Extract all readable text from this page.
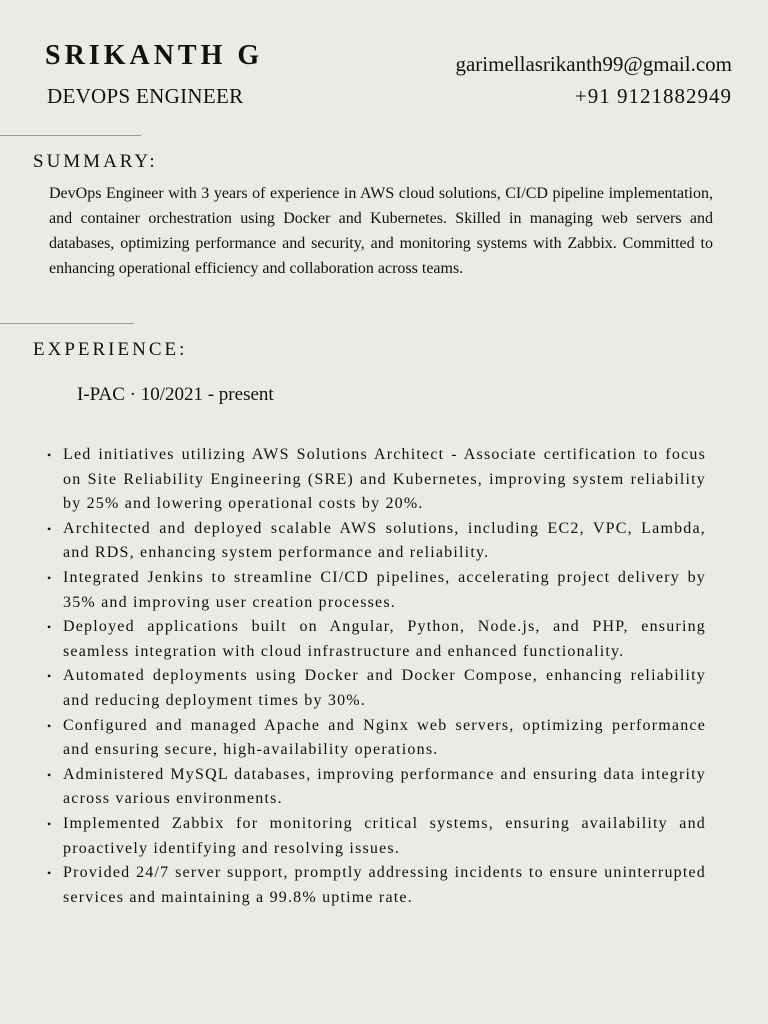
SRIKANTH G
DEVOPS ENGINEER
garimellasrikanth99@gmail.com
+91 9121882949
SUMMARY:

DevOps Engineer with 3 years of experience in AWS cloud solutions, CI/CD pipeline implementation, and container orchestration using Docker and Kubernetes. Skilled in managing web servers and databases, optimizing performance and security, and monitoring systems with Zabbix. Committed to enhancing operational efficiency and collaboration across teams.

EXPERIENCE:
I-PAC · 10/2021 - present
• Led initiatives utilizing AWS Solutions Architect - Associate certification to focus on Site Reliability Engineering (SRE) and Kubernetes, improving system reliability by 25% and lowering operational costs by 20%.
• Architected and deployed scalable AWS solutions, including EC2, VPC, Lambda, and RDS, enhancing system performance and reliability.
• Integrated Jenkins to streamline CI/CD pipelines, accelerating project delivery by 35% and improving user creation processes.
• Deployed applications built on Angular, Python, Node.js, and PHP, ensuring seamless integration with cloud infrastructure and enhanced functionality.
• Automated deployments using Docker and Docker Compose, enhancing reliability and reducing deployment times by 30%.
• Configured and managed Apache and Nginx web servers, optimizing performance and ensuring secure, high-availability operations.
• Administered MySQL databases, improving performance and ensuring data integrity across various environments.
• Implemented Zabbix for monitoring critical systems, ensuring availability and proactively identifying and resolving issues.
• Provided 24/7 server support, promptly addressing incidents to ensure uninterrupted services and maintaining a 99.8% uptime rate.
